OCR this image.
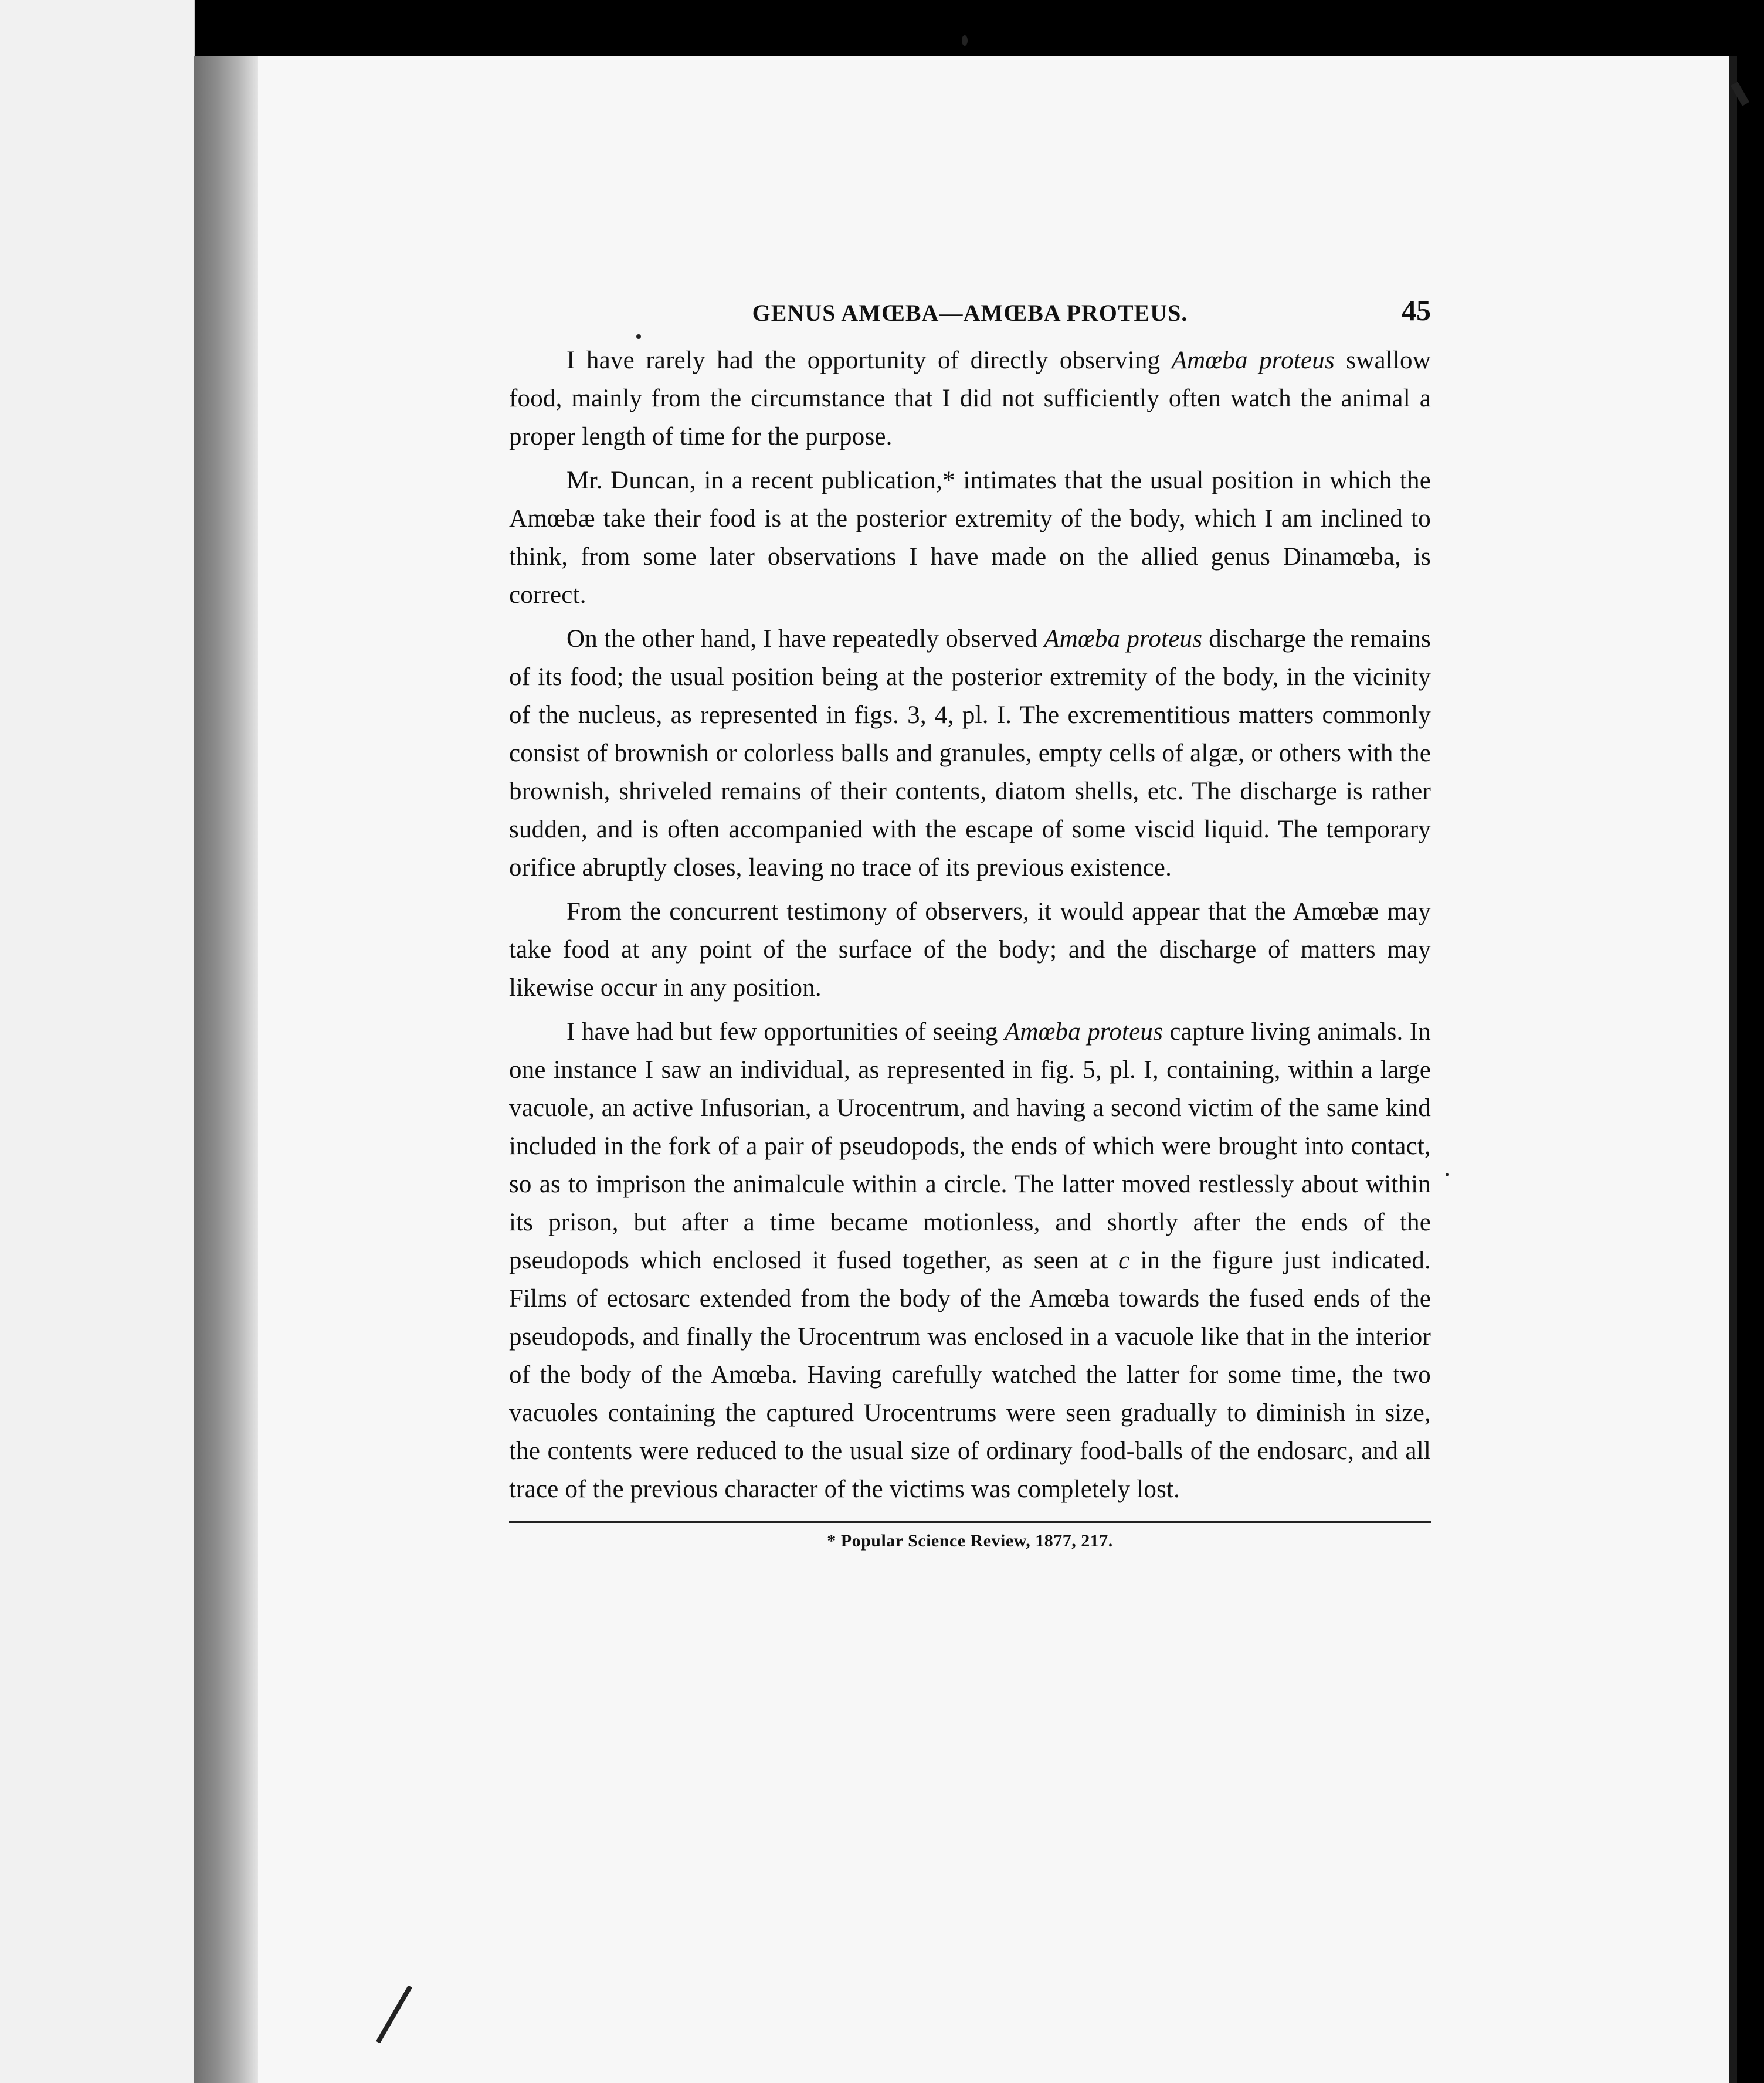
GENUS AMŒBA—AMŒBA PROTEUS.	45

I have rarely had the opportunity of directly observing Amœba proteus swallow food, mainly from the circumstance that I did not sufficiently often watch the animal a proper length of time for the purpose.

Mr. Duncan, in a recent publication,* intimates that the usual position in which the Amœbæ take their food is at the posterior extremity of the body, which I am inclined to think, from some later observations I have made on the allied genus Dinamœba, is correct.

On the other hand, I have repeatedly observed Amœba proteus discharge the remains of its food; the usual position being at the posterior extremity of the body, in the vicinity of the nucleus, as represented in figs. 3, 4, pl. I. The excrementitious matters commonly consist of brownish or colorless balls and granules, empty cells of algæ, or others with the brownish, shriveled remains of their contents, diatom shells, etc. The discharge is rather sudden, and is often accompanied with the escape of some viscid liquid. The temporary orifice abruptly closes, leaving no trace of its previous existence.

From the concurrent testimony of observers, it would appear that the Amœbæ may take food at any point of the surface of the body; and the discharge of matters may likewise occur in any position.

I have had but few opportunities of seeing Amœba proteus capture living animals. In one instance I saw an individual, as represented in fig. 5, pl. I, containing, within a large vacuole, an active Infusorian, a Urocentrum, and having a second victim of the same kind included in the fork of a pair of pseudopods, the ends of which were brought into contact, so as to imprison the animalcule within a circle. The latter moved restlessly about within its prison, but after a time became motionless, and shortly after the ends of the pseudopods which enclosed it fused together, as seen at c in the figure just indicated. Films of ectosarc extended from the body of the Amœba towards the fused ends of the pseudopods, and finally the Urocentrum was enclosed in a vacuole like that in the interior of the body of the Amœba. Having carefully watched the latter for some time, the two vacuoles containing the captured Urocentrums were seen gradually to diminish in size, the contents were reduced to the usual size of ordinary food-balls of the endosarc, and all trace of the previous character of the victims was completely lost.

* Popular Science Review, 1877, 217.
